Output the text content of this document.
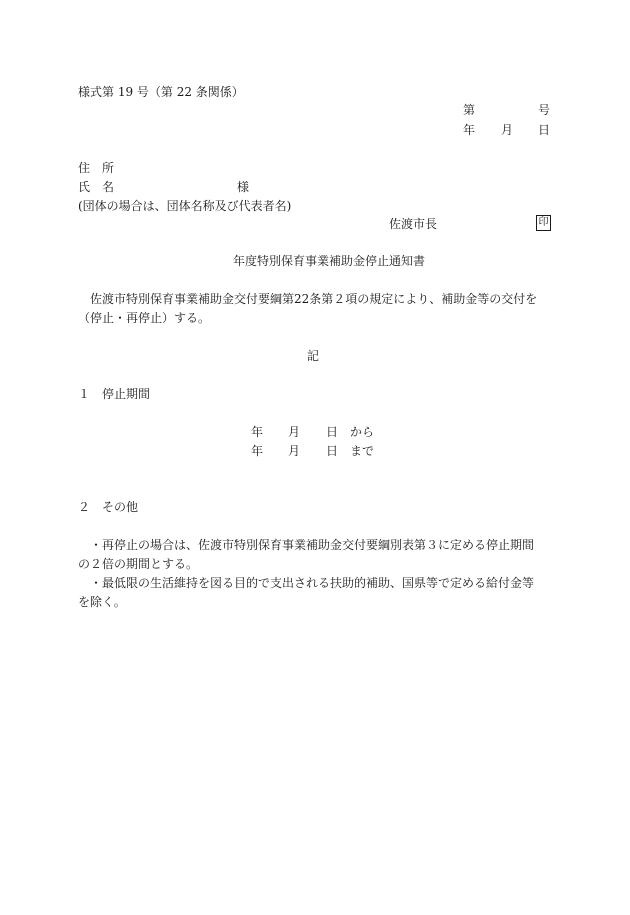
様式第 19 号（第 22 条関係）
第	号
年 月 日
住　所
氏　名	様
(団体の場合は、団体名称及び代表者名)
佐渡市長	印
年度特別保育事業補助金停止通知書
佐渡市特別保育事業補助金交付要綱第22条第２項の規定により、補助金等の交付を
（停止・再停止）する。
記
１　停止期間
年 月 日 から
年 月 日 まで
２　その他
・再停止の場合は、佐渡市特別保育事業補助金交付要綱別表第３に定める停止期間
の２倍の期間とする。
・最低限の生活維持を図る目的で支出される扶助的補助、国県等で定める給付金等
を除く。
